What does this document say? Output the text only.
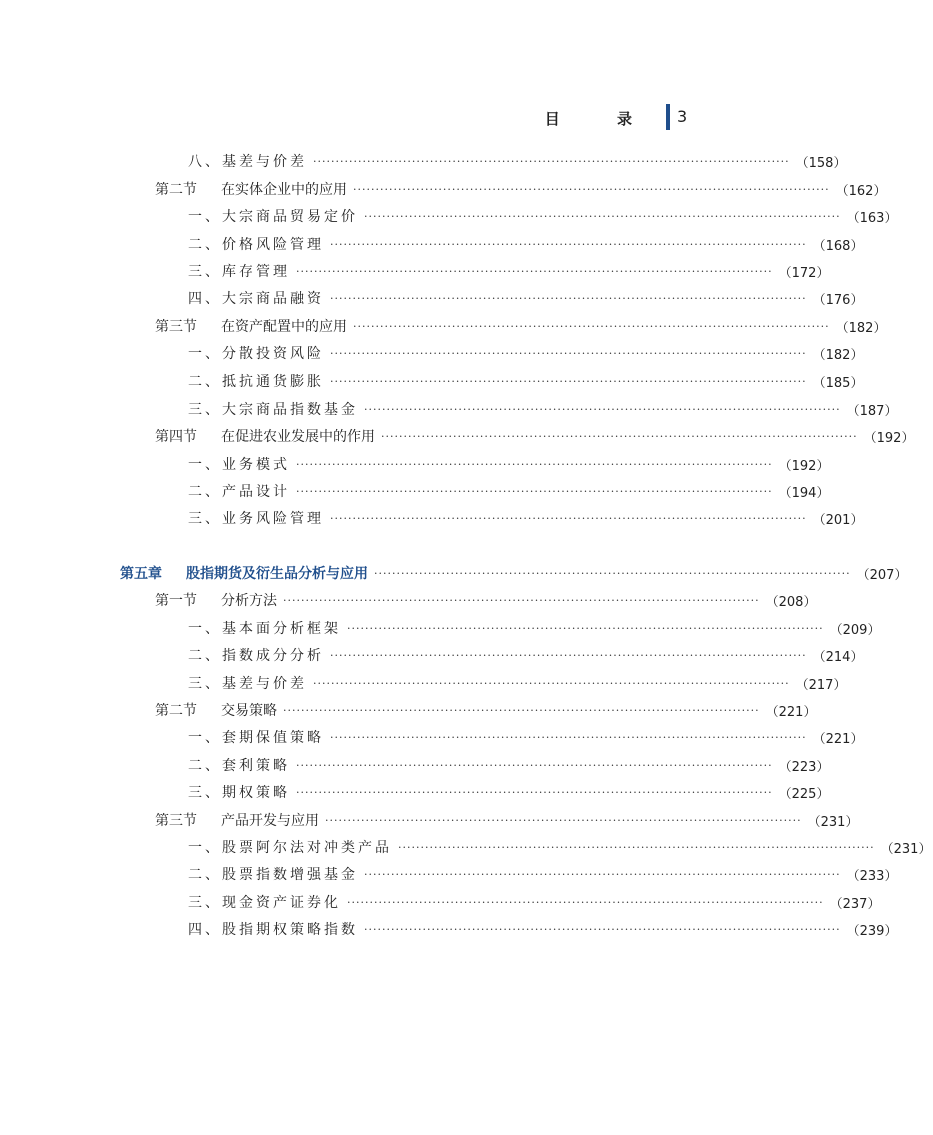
目 录 3
八、基差与价差 ·········································································································· （158）
第二节 在实体企业中的应用 ·········································································································· （162）
一、大宗商品贸易定价 ·········································································································· （163）
二、价格风险管理 ·········································································································· （168）
三、库存管理 ·········································································································· （172）
四、大宗商品融资 ·········································································································· （176）
第三节 在资产配置中的应用 ·········································································································· （182）
一、分散投资风险 ·········································································································· （182）
二、抵抗通货膨胀 ·········································································································· （185）
三、大宗商品指数基金 ·········································································································· （187）
第四节 在促进农业发展中的作用 ·········································································································· （192）
一、业务模式 ·········································································································· （192）
二、产品设计 ·········································································································· （194）
三、业务风险管理 ·········································································································· （201）
第五章 股指期货及衍生品分析与应用 ·········································································································· （207）
第一节 分析方法 ·········································································································· （208）
一、基本面分析框架 ·········································································································· （209）
二、指数成分分析 ·········································································································· （214）
三、基差与价差 ·········································································································· （217）
第二节 交易策略 ·········································································································· （221）
一、套期保值策略 ·········································································································· （221）
二、套利策略 ·········································································································· （223）
三、期权策略 ·········································································································· （225）
第三节 产品开发与应用 ·········································································································· （231）
一、股票阿尔法对冲类产品 ·········································································································· （231）
二、股票指数增强基金 ·········································································································· （233）
三、现金资产证券化 ·········································································································· （237）
四、股指期权策略指数 ·········································································································· （239）
